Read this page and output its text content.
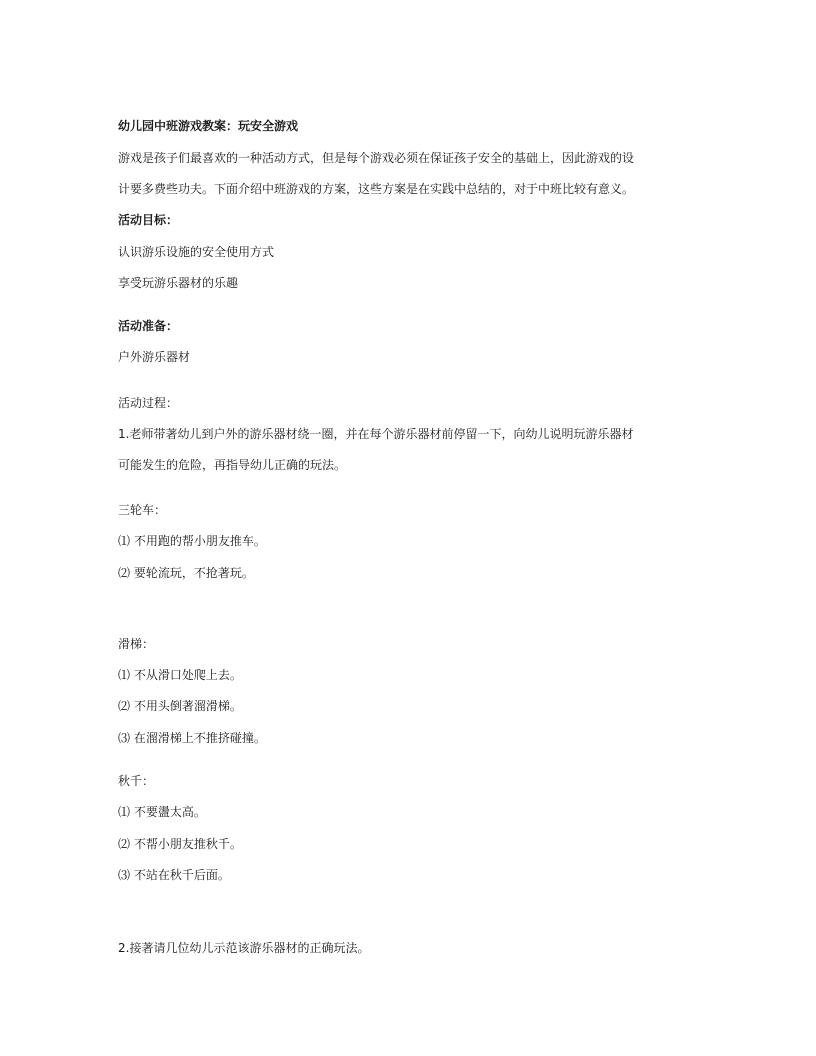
幼儿园中班游戏教案：玩安全游戏
游戏是孩子们最喜欢的一种活动方式，但是每个游戏必须在保证孩子安全的基础上，因此游戏的设
计要多费些功夫。下面介绍中班游戏的方案，这些方案是在实践中总结的，对于中班比较有意义。
活动目标：
认识游乐设施的安全使用方式
享受玩游乐器材的乐趣
活动准备：
户外游乐器材
活动过程：
1.老师带著幼儿到户外的游乐器材绕一圈，并在每个游乐器材前停留一下，向幼儿说明玩游乐器材
可能发生的危险，再指导幼儿正确的玩法。
三轮车：
⑴ 不用跑的帮小朋友推车。
⑵ 要轮流玩，不抢著玩。
滑梯：
⑴ 不从滑口处爬上去。
⑵ 不用头倒著溜滑梯。
⑶ 在溜滑梯上不推挤碰撞。
秋千：
⑴ 不要盪太高。
⑵ 不帮小朋友推秋千。
⑶ 不站在秋千后面。
2.接著请几位幼儿示范该游乐器材的正确玩法。
